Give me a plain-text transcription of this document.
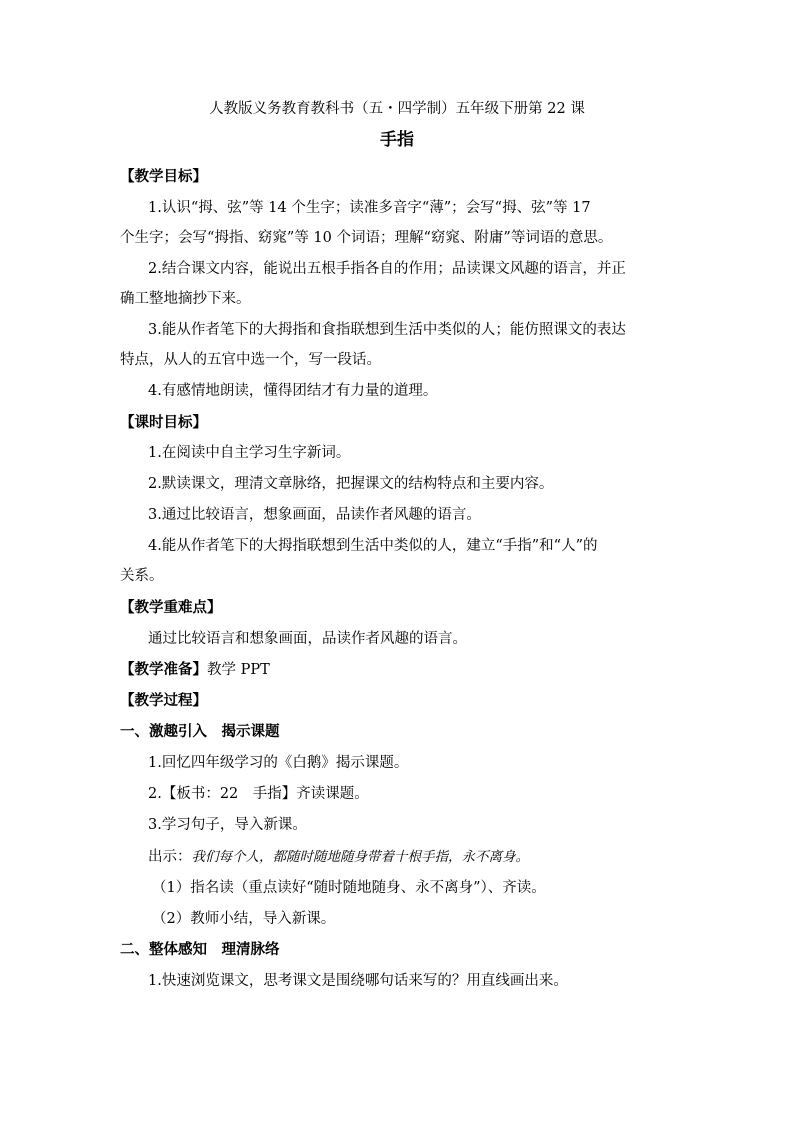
人教版义务教育教科书（五・四学制）五年级下册第 22 课
手指
【教学目标】
1.认识“拇、弦”等 14 个生字；读准多音字“薄”；会写“拇、弦”等 17
个生字；会写“拇指、窈窕”等 10 个词语；理解“窈窕、附庸”等词语的意思。
2.结合课文内容，能说出五根手指各自的作用；品读课文风趣的语言，并正
确工整地摘抄下来。
3.能从作者笔下的大拇指和食指联想到生活中类似的人；能仿照课文的表达
特点，从人的五官中选一个，写一段话。
4.有感情地朗读，懂得团结才有力量的道理。
【课时目标】
1.在阅读中自主学习生字新词。
2.默读课文，理清文章脉络，把握课文的结构特点和主要内容。
3.通过比较语言，想象画面，品读作者风趣的语言。
4.能从作者笔下的大拇指联想到生活中类似的人，建立“手指”和“人”的
关系。
【教学重难点】
通过比较语言和想象画面，品读作者风趣的语言。
【教学准备】教学 PPT
【教学过程】
一、激趣引入　揭示课题
1.回忆四年级学习的《白鹅》揭示课题。
2.【板书：22　手指】齐读课题。
3.学习句子，导入新课。
出示：我们每个人，都随时随地随身带着十根手指，永不离身。
（1）指名读（重点读好“随时随地随身、永不离身”）、齐读。
（2）教师小结，导入新课。
二、整体感知　理清脉络
1.快速浏览课文，思考课文是围绕哪句话来写的？用直线画出来。
